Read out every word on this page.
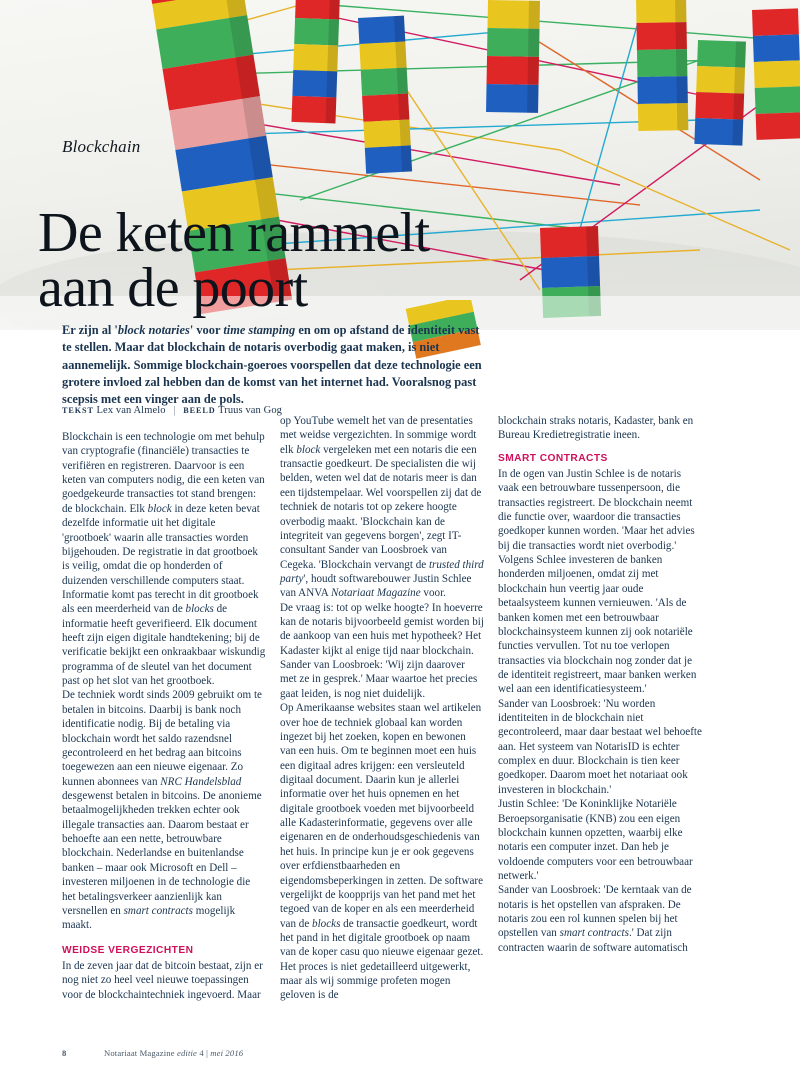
Blockchain
De keten rammelt
aan de poort
Er zijn al 'block notaries' voor time stamping en om op afstand de identiteit vast te stellen. Maar dat blockchain de notaris overbodig gaat maken, is niet aannemelijk. Sommige blockchain-goeroes voorspellen dat deze technologie een grotere invloed zal hebben dan de komst van het internet had. Vooralsnog past scepsis met een vinger aan de pols.
TEKST Lex van Almelo | BEELD Truus van Gog

Blockchain is een technologie om met behulp van cryptografie (financiële) transacties te verifiëren en registreren. Daarvoor is een keten van computers nodig, die een keten van goedgekeurde transacties tot stand brengen: de blockchain. Elk block in deze keten bevat dezelfde informatie uit het digitale 'grootboek' waarin alle transacties worden bijgehouden. De registratie in dat grootboek is veilig, omdat die op honderden of duizenden verschillende computers staat. Informatie komt pas terecht in dit grootboek als een meerderheid van de blocks de informatie heeft geverifieerd. Elk document heeft zijn eigen digitale handtekening; bij de verificatie bekijkt een onkraakbaar wiskundig programma of de sleutel van het document past op het slot van het grootboek.

De techniek wordt sinds 2009 gebruikt om te betalen in bitcoins. Daarbij is bank noch identificatie nodig. Bij de betaling via blockchain wordt het saldo razendsnel gecontroleerd en het bedrag aan bitcoins toegewezen aan een nieuwe eigenaar. Zo kunnen abonnees van NRC Handelsblad desgewenst betalen in bitcoins. De anonieme betaalmogelijkheden trekken echter ook illegale transacties aan. Daarom bestaat er behoefte aan een nette, betrouwbare blockchain. Nederlandse en buitenlandse banken – maar ook Microsoft en Dell – investeren miljoenen in de technologie die het betalingsverkeer aanzienlijk kan versnellen en smart contracts mogelijk maakt.

WEIDSE VERGEZICHTEN

In de zeven jaar dat de bitcoin bestaat, zijn er nog niet zo heel veel nieuwe toepassingen voor de blockchaintechniek ingevoerd. Maar

op YouTube wemelt het van de presentaties met weidse vergezichten. In sommige wordt elk block vergeleken met een notaris die een transactie goedkeurt. De specialisten die wij belden, weten wel dat de notaris meer is dan een tijdstempelaar. Wel voorspellen zij dat de techniek de notaris tot op zekere hoogte overbodig maakt. 'Blockchain kan de integriteit van gegevens borgen', zegt IT-consultant Sander van Loosbroek van Cegeka. 'Blockchain vervangt de trusted third party', houdt softwarebouwer Justin Schlee van ANVA Notariaat Magazine voor.

De vraag is: tot op welke hoogte? In hoeverre kan de notaris bijvoorbeeld gemist worden bij de aankoop van een huis met hypotheek? Het Kadaster kijkt al enige tijd naar blockchain. Sander van Loosbroek: 'Wij zijn daarover met ze in gesprek.' Maar waartoe het precies gaat leiden, is nog niet duidelijk.

Op Amerikaanse websites staan wel artikelen over hoe de techniek globaal kan worden ingezet bij het zoeken, kopen en bewonen van een huis. Om te beginnen moet een huis een digitaal adres krijgen: een versleuteld digitaal document. Daarin kun je allerlei informatie over het huis opnemen en het digitale grootboek voeden met bijvoorbeeld alle Kadasterinformatie, gegevens over alle eigenaren en de onderhoudsgeschiedenis van het huis. In principe kun je er ook gegevens over erfdienstbaarheden en eigendomsbeperkingen in zetten. De software vergelijkt de koopprijs van het pand met het tegoed van de koper en als een meerderheid van de blocks de transactie goedkeurt, wordt het pand in het digitale grootboek op naam van de koper casu quo nieuwe eigenaar gezet. Het proces is niet gedetailleerd uitgewerkt, maar als wij sommige profeten mogen geloven is de

blockchain straks notaris, Kadaster, bank en Bureau Kredietregistratie ineen.

SMART CONTRACTS

In de ogen van Justin Schlee is de notaris vaak een betrouwbare tussenpersoon, die transacties registreert. De blockchain neemt die functie over, waardoor die transacties goedkoper kunnen worden. 'Maar het advies bij die transacties wordt niet overbodig.' Volgens Schlee investeren de banken honderden miljoenen, omdat zij met blockchain hun veertig jaar oude betaalsysteem kunnen vernieuwen. 'Als de banken komen met een betrouwbaar blockchainsysteem kunnen zij ook notariële functies vervullen. Tot nu toe verlopen transacties via blockchain nog zonder dat je de identiteit registreert, maar banken werken wel aan een identificatiesysteem.'

Sander van Loosbroek: 'Nu worden identiteiten in de blockchain niet gecontroleerd, maar daar bestaat wel behoefte aan. Het systeem van NotarisID is echter complex en duur. Blockchain is tien keer goedkoper. Daarom moet het notariaat ook investeren in blockchain.'

Justin Schlee: 'De Koninklijke Notariële Beroepsorganisatie (KNB) zou een eigen blockchain kunnen opzetten, waarbij elke notaris een computer inzet. Dan heb je voldoende computers voor een betrouwbaar netwerk.'

Sander van Loosbroek: 'De kerntaak van de notaris is het opstellen van afspraken. De notaris zou een rol kunnen spelen bij het opstellen van smart contracts.' Dat zijn contracten waarin de software automatisch

8	Notariaat Magazine editie 4 | mei 2016
